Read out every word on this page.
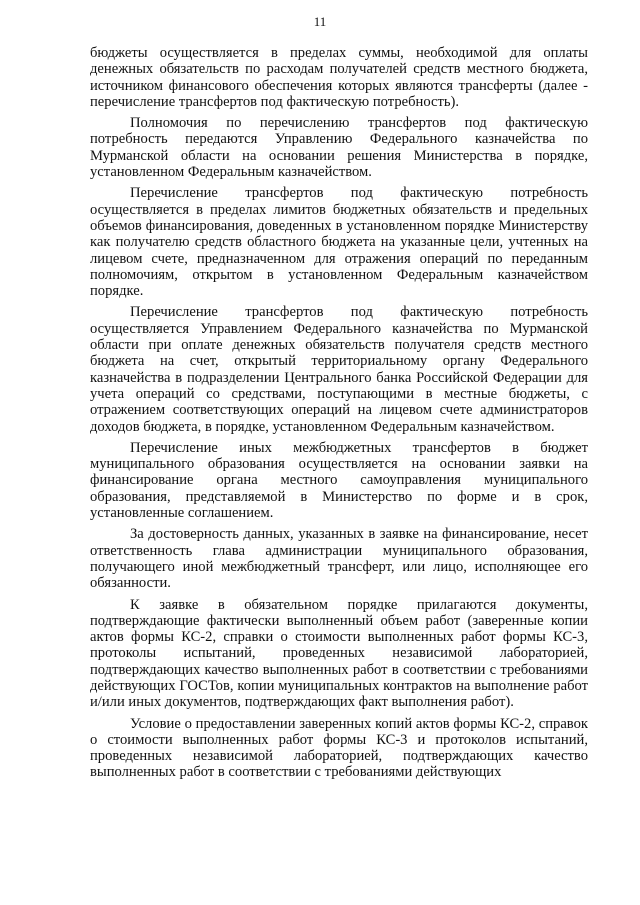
11

бюджеты осуществляется в пределах суммы, необходимой для оплаты денежных обязательств по расходам получателей средств местного бюджета, источником финансового обеспечения которых являются трансферты (далее - перечисление трансфертов под фактическую потребность).

Полномочия по перечислению трансфертов под фактическую потребность передаются Управлению Федерального казначейства по Мурманской области на основании решения Министерства в порядке, установленном Федеральным казначейством.

Перечисление трансфертов под фактическую потребность осуществляется в пределах лимитов бюджетных обязательств и предельных объемов финансирования, доведенных в установленном порядке Министерству как получателю средств областного бюджета на указанные цели, учтенных на лицевом счете, предназначенном для отражения операций по переданным полномочиям, открытом в установленном Федеральным казначейством порядке.

Перечисление трансфертов под фактическую потребность осуществляется Управлением Федерального казначейства по Мурманской области при оплате денежных обязательств получателя средств местного бюджета на счет, открытый территориальному органу Федерального казначейства в подразделении Центрального банка Российской Федерации для учета операций со средствами, поступающими в местные бюджеты, с отражением соответствующих операций на лицевом счете администраторов доходов бюджета, в порядке, установленном Федеральным казначейством.

Перечисление иных межбюджетных трансфертов в бюджет муниципального образования осуществляется на основании заявки на финансирование органа местного самоуправления муниципального образования, представляемой в Министерство по форме и в срок, установленные соглашением.

За достоверность данных, указанных в заявке на финансирование, несет ответственность глава администрации муниципального образования, получающего иной межбюджетный трансферт, или лицо, исполняющее его обязанности.

К заявке в обязательном порядке прилагаются документы, подтверждающие фактически выполненный объем работ (заверенные копии актов формы КС-2, справки о стоимости выполненных работ формы КС-3, протоколы испытаний, проведенных независимой лабораторией, подтверждающих качество выполненных работ в соответствии с требованиями действующих ГОСТов, копии муниципальных контрактов на выполнение работ и/или иных документов, подтверждающих факт выполнения работ).

Условие о предоставлении заверенных копий актов формы КС-2, справок о стоимости выполненных работ формы КС-3 и протоколов испытаний, проведенных независимой лабораторией, подтверждающих качество выполненных работ в соответствии с требованиями действующих
